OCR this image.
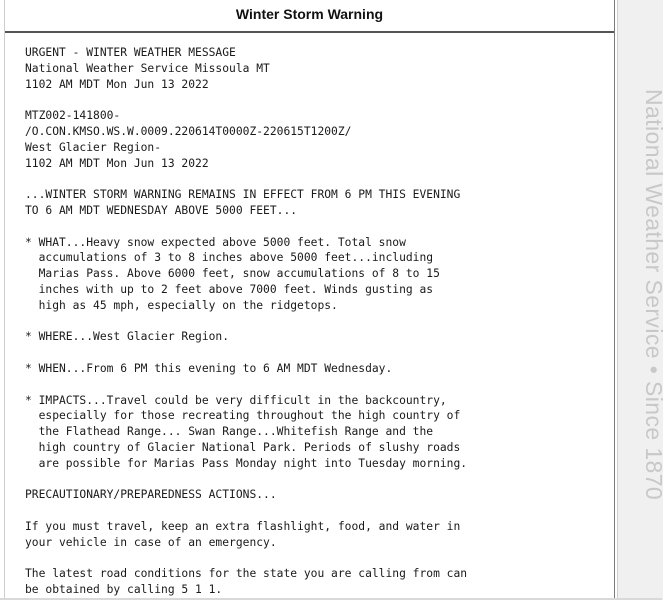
Winter Storm Warning
URGENT - WINTER WEATHER MESSAGE
National Weather Service Missoula MT
1102 AM MDT Mon Jun 13 2022
MTZ002-141800-
/O.CON.KMSO.WS.W.0009.220614T0000Z-220615T1200Z/
West Glacier Region-
1102 AM MDT Mon Jun 13 2022
...WINTER STORM WARNING REMAINS IN EFFECT FROM 6 PM THIS EVENING
TO 6 AM MDT WEDNESDAY ABOVE 5000 FEET...
* WHAT...Heavy snow expected above 5000 feet. Total snow
accumulations of 3 to 8 inches above 5000 feet...including
Marias Pass. Above 6000 feet, snow accumulations of 8 to 15
inches with up to 2 feet above 7000 feet. Winds gusting as
high as 45 mph, especially on the ridgetops.
* WHERE...West Glacier Region.
* WHEN...From 6 PM this evening to 6 AM MDT Wednesday.
* IMPACTS...Travel could be very difficult in the backcountry,
especially for those recreating throughout the high country of
the Flathead Range... Swan Range...Whitefish Range and the
high country of Glacier National Park. Periods of slushy roads
are possible for Marias Pass Monday night into Tuesday morning.
PRECAUTIONARY/PREPAREDNESS ACTIONS...
If you must travel, keep an extra flashlight, food, and water in
your vehicle in case of an emergency.
The latest road conditions for the state you are calling from can
be obtained by calling 5 1 1.
National Weather Service • Since 1870
